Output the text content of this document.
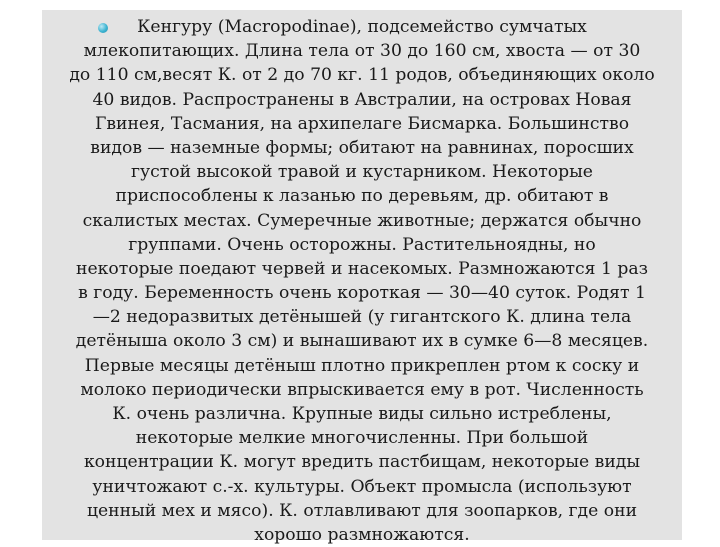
Кенгуру (Macropodinae), подсемейство сумчатых
млекопитающих. Длина тела от 30 до 160 см, хвоста — от 30
до 110 см,весят К. от 2 до 70 кг. 11 родов, объединяющих около
40 видов. Распространены в Австралии, на островах Новая
Гвинея, Тасмания, на архипелаге Бисмарка. Большинство
видов — наземные формы; обитают на равнинах, поросших
густой высокой травой и кустарником. Некоторые
приспособлены к лазанью по деревьям, др. обитают в
скалистых местах. Сумеречные животные; держатся обычно
группами. Очень осторожны. Растительноядны, но
некоторые поедают червей и насекомых. Размножаются 1 раз
в году. Беременность очень короткая — 30—40 суток. Родят 1
—2 недоразвитых детёнышей (у гигантского К. длина тела
детёныша около 3 см) и вынашивают их в сумке 6—8 месяцев.
Первые месяцы детёныш плотно прикреплен ртом к соску и
молоко периодически впрыскивается ему в рот. Численность
К. очень различна. Крупные виды сильно истреблены,
некоторые мелкие многочисленны. При большой
концентрации К. могут вредить пастбищам, некоторые виды
уничтожают с.-х. культуры. Объект промысла (используют
ценный мех и мясо). К. отлавливают для зоопарков, где они
хорошо размножаются.
